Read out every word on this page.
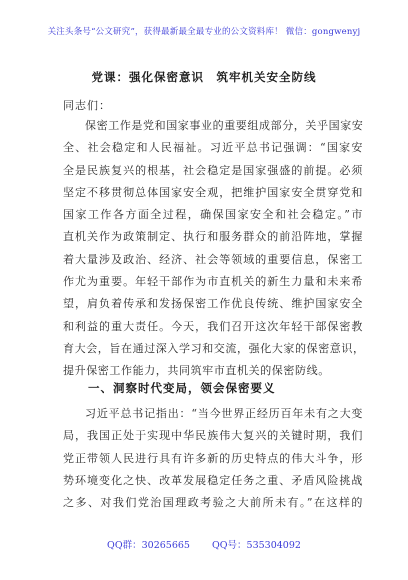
关注头条号“公文研究”，获得最新最全最专业的公文资料库！ 微信：gongwenyj
党课：强化保密意识　筑牢机关安全防线
同志们：
保密工作是党和国家事业的重要组成部分，关乎国家安
全、社会稳定和人民福祉。习近平总书记强调：“国家安
全是民族复兴的根基，社会稳定是国家强盛的前提。必须
坚定不移贯彻总体国家安全观，把维护国家安全贯穿党和
国家工作各方面全过程，确保国家安全和社会稳定。”市
直机关作为政策制定、执行和服务群众的前沿阵地，掌握
着大量涉及政治、经济、社会等领域的重要信息，保密工
作尤为重要。年轻干部作为市直机关的新生力量和未来希
望，肩负着传承和发扬保密工作优良传统、维护国家安全
和利益的重大责任。今天，我们召开这次年轻干部保密教
育大会，旨在通过深入学习和交流，强化大家的保密意识，
提升保密工作能力，共同筑牢市直机关的保密防线。
一、洞察时代变局，领会保密要义
习近平总书记指出：“当今世界正经历百年未有之大变
局，我国正处于实现中华民族伟大复兴的关键时期，我们
党正带领人民进行具有许多新的历史特点的伟大斗争，形
势环境变化之快、改革发展稳定任务之重、矛盾风险挑战
之多、对我们党治国理政考验之大前所未有。”在这样的
QQ群：30265665 QQ号：535304092
